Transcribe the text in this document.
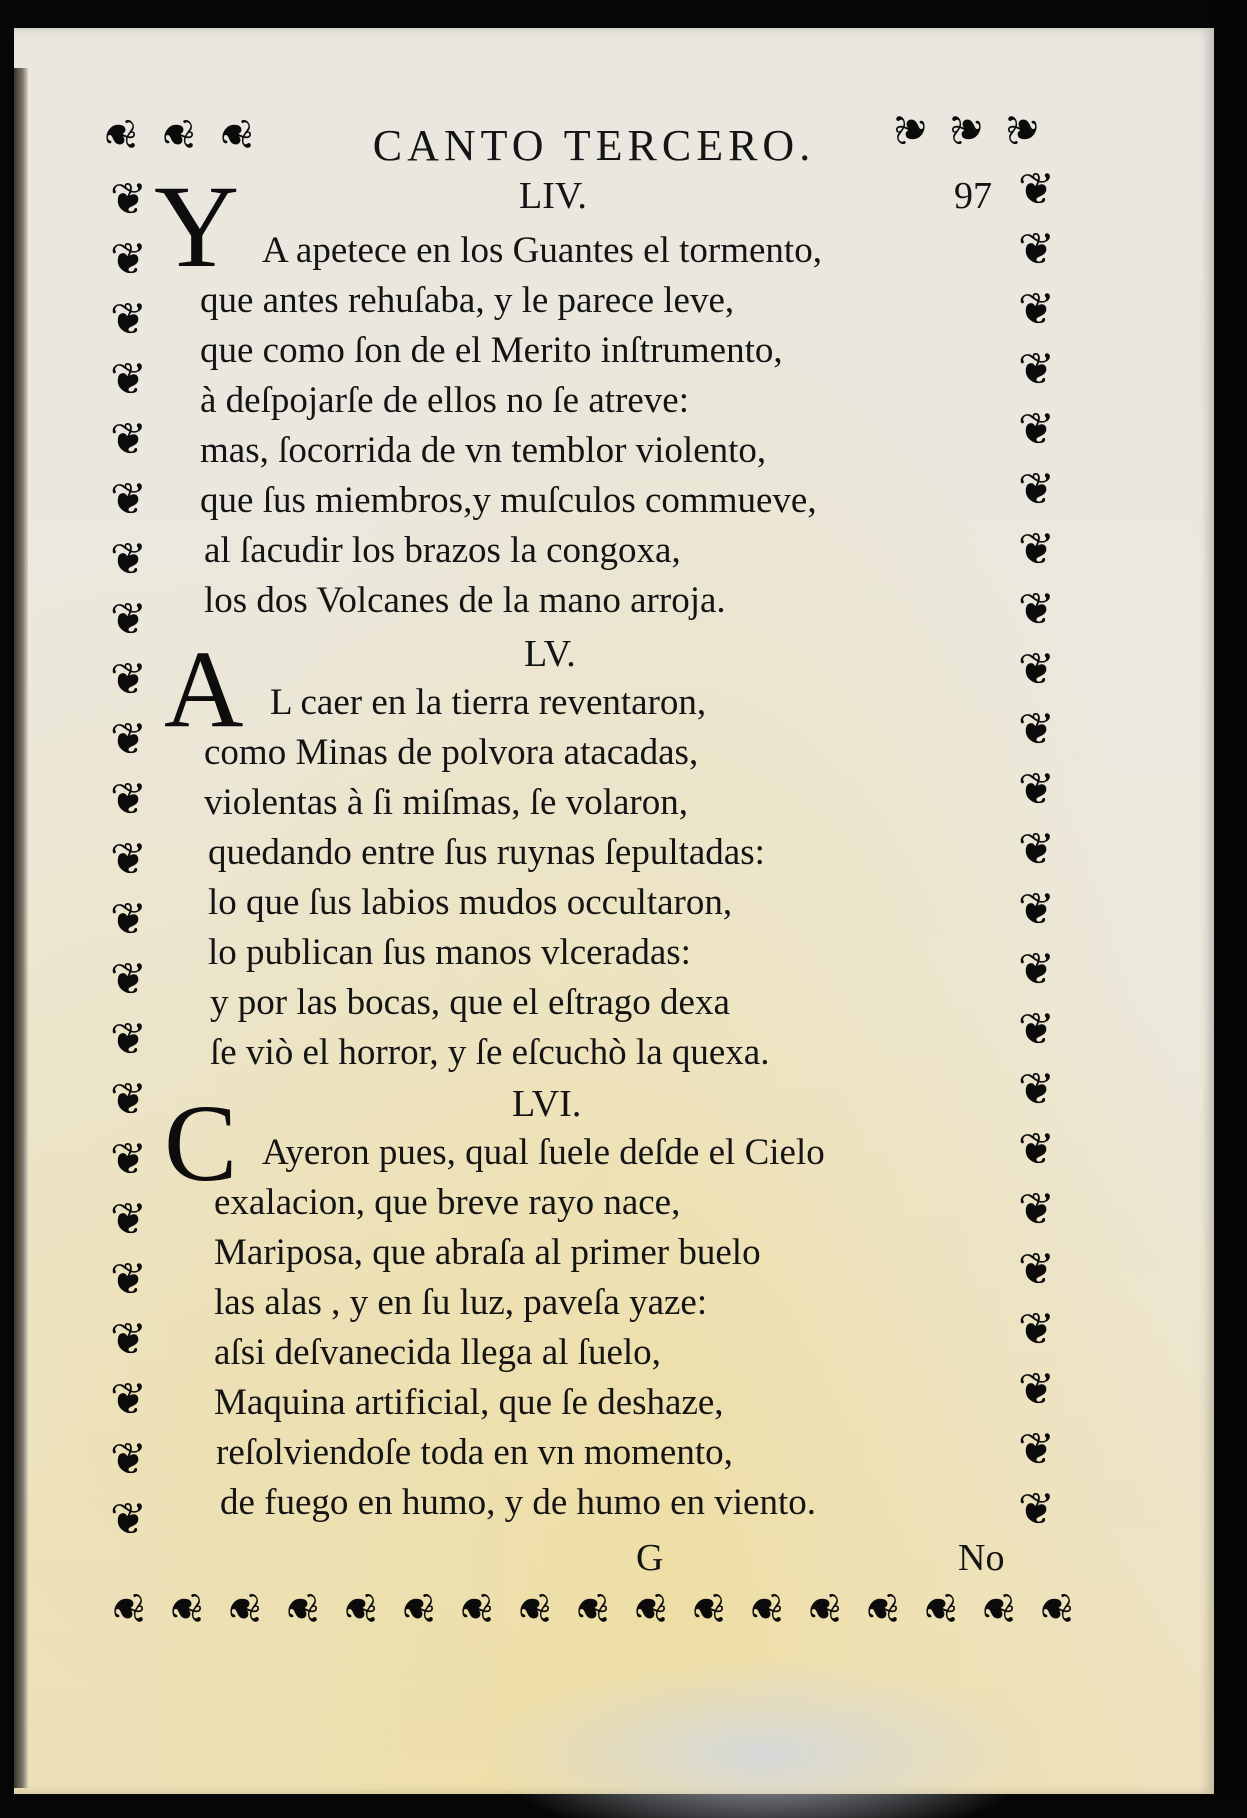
❦ ❦ ❦	❦ ❦ ❦
❦
❦
❦
❦
❦
❦
❦
❦
❦
❦
❦
❦
❦
❦
❦
❦
❦
❦
❦
❦
❦
❦
❦
❦
❦
❦
❦
❦
❦
❦
❦
❦
❦
❦
❦
❦
❦
❦
❦
❦
❦
❦
❦
❦
❦
❦
❦ ❦ ❦ ❦ ❦ ❦ ❦ ❦ ❦ ❦ ❦ ❦ ❦ ❦ ❦ ❦ ❦
CANTO TERCERO.
97
LIV.
Y A apetece en los Guantes el tormento,
que antes rehuſaba, y le parece leve,
que como ſon de el Merito inſtrumento,
à deſpojarſe de ellos no ſe atreve:
mas, ſocorrida de vn temblor violento,
que ſus miembros,y muſculos commueve,
al ſacudir los brazos la congoxa,
los dos Volcanes de la mano arroja.
LV.
A L caer en la tierra reventaron,
como Minas de polvora atacadas,
violentas à ſi miſmas, ſe volaron,
quedando entre ſus ruynas ſepultadas:
lo que ſus labios mudos occultaron,
lo publican ſus manos vlceradas:
y por las bocas, que el eſtrago dexa
ſe viò el horror, y ſe eſcuchò la quexa.
LVI.
C Ayeron pues, qual ſuele deſde el Cielo
exalacion, que breve rayo nace,
Mariposa, que abraſa al primer buelo
las alas , y en ſu luz, paveſa yaze:
aſsi deſvanecida llega al ſuelo,
Maquina artificial, que ſe deshaze,
reſolviendoſe toda en vn momento,
de fuego en humo, y de humo en viento.
G	No
